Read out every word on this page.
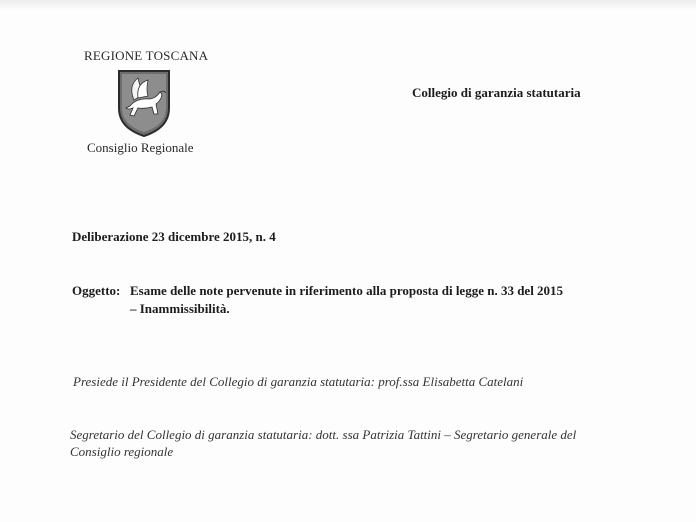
REGIONE TOSCANA
Consiglio Regionale
Collegio di garanzia statutaria
Deliberazione 23 dicembre 2015, n. 4
Oggetto: Esame delle note pervenute in riferimento alla proposta di legge n. 33 del 2015
– Inammissibilità.
Presiede il Presidente del Collegio di garanzia statutaria: prof.ssa Elisabetta Catelani
Segretario del Collegio di garanzia statutaria: dott. ssa Patrizia Tattini – Segretario generale del Consiglio regionale
